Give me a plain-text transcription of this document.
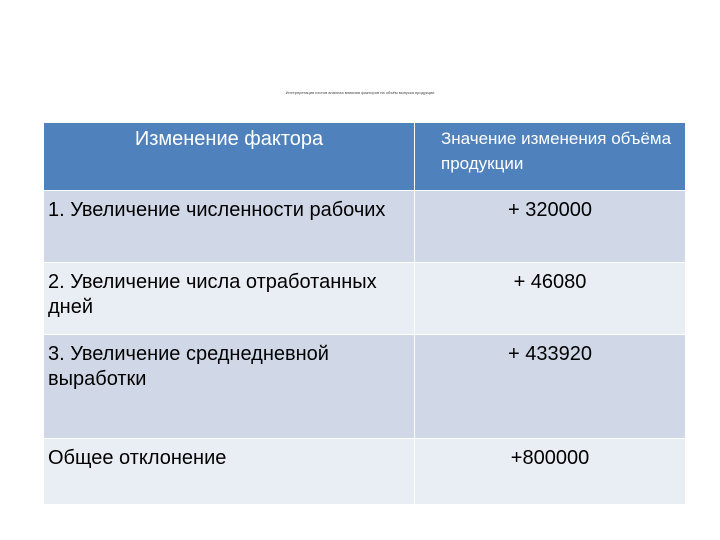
Интерпретация итогов анализа влияния факторов на объём выпуска продукции
Изменение фактора	Значение изменения объёма продукции
1. Увеличение численности рабочих	+ 320000
2. Увеличение числа отработанных дней	+ 46080
3. Увеличение среднедневной выработки	+ 433920
Общее отклонение	+800000
